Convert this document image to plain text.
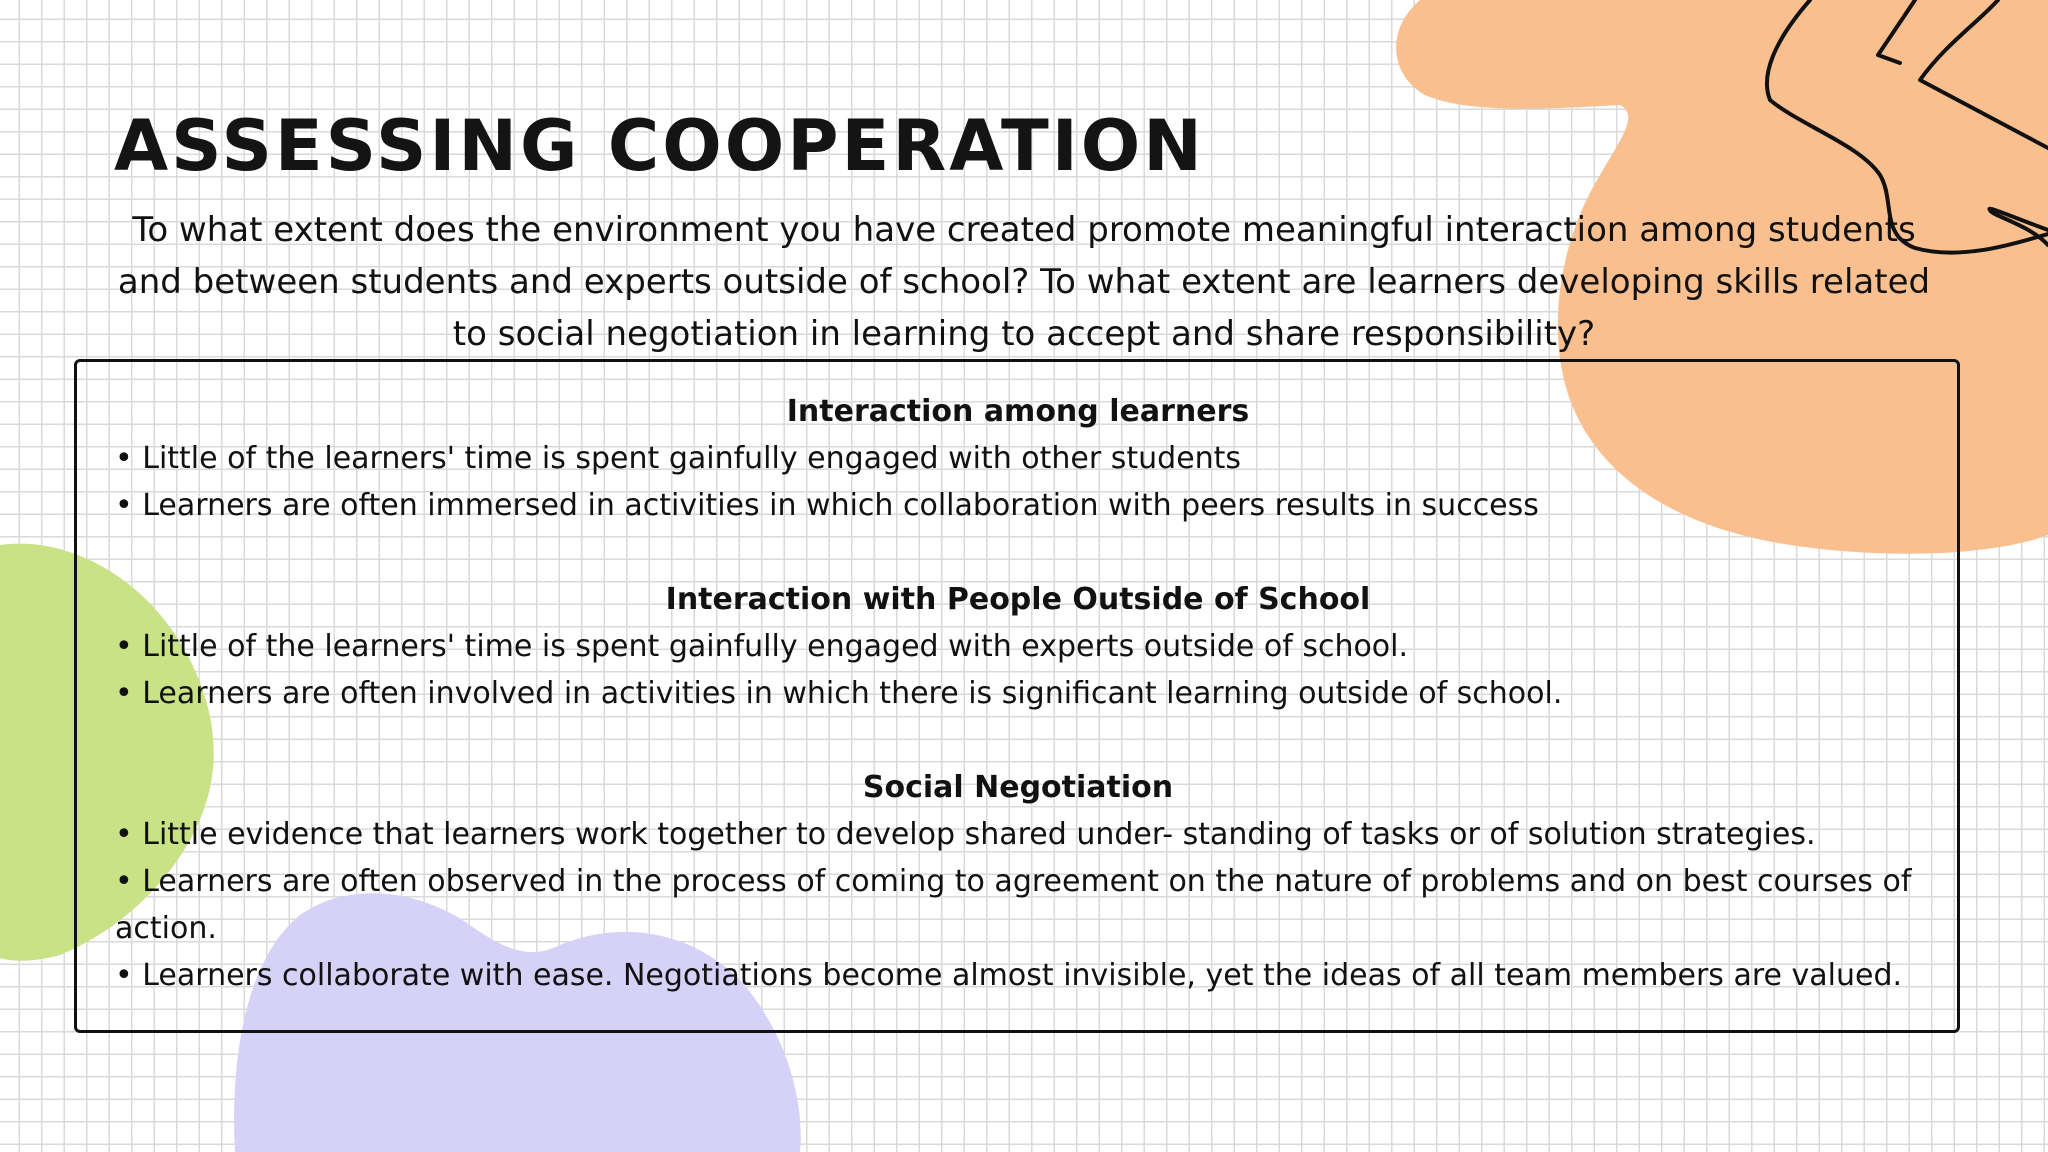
ASSESSING COOPERATION

To what extent does the environment you have created promote meaningful interaction among students and between students and experts outside of school? To what extent are learners developing skills related to social negotiation in learning to accept and share responsibility?

Interaction among learners

• Little of the learners' time is spent gainfully engaged with other students

• Learners are often immersed in activities in which collaboration with peers results in success

Interaction with People Outside of School

• Little of the learners' time is spent gainfully engaged with experts outside of school.

• Learners are often involved in activities in which there is significant learning outside of school.

Social Negotiation

• Little evidence that learners work together to develop shared under- standing of tasks or of solution strategies.

• Learners are often observed in the process of coming to agreement on the nature of problems and on best courses of action.

• Learners collaborate with ease. Negotiations become almost invisible, yet the ideas of all team members are valued.
